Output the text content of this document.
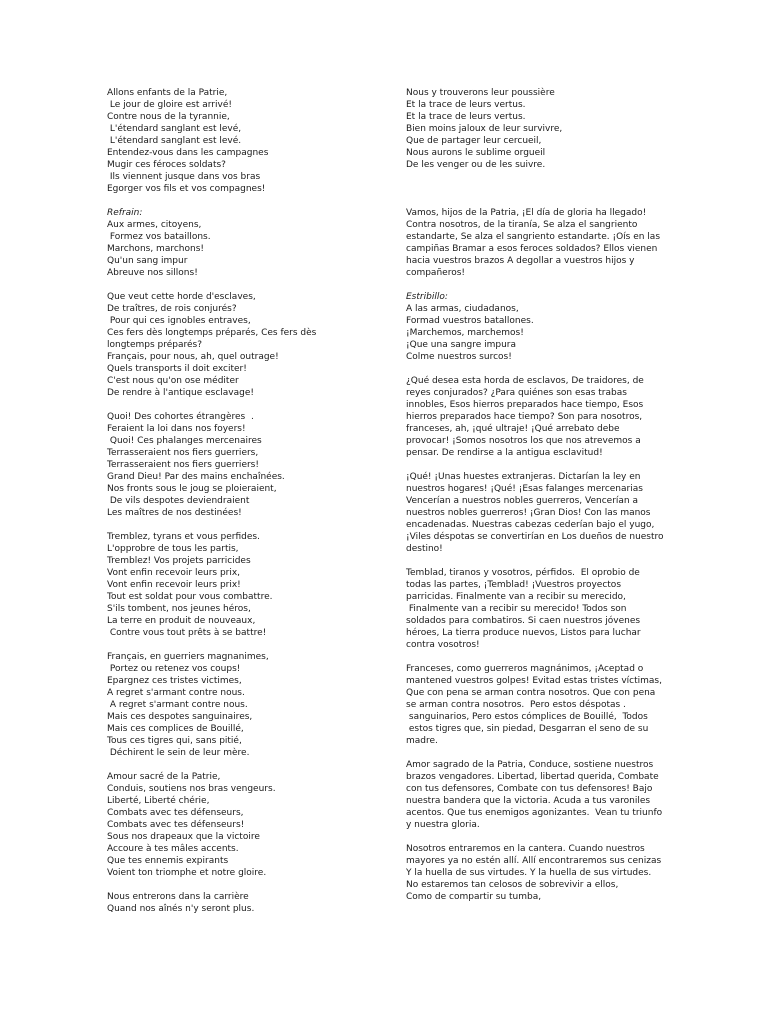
Allons enfants de la Patrie,
Le jour de gloire est arrivé!
Contre nous de la tyrannie,
L'étendard sanglant est levé,
L'étendard sanglant est levé.
Entendez-vous dans les campagnes
Mugir ces féroces soldats?
Ils viennent jusque dans vos bras
Egorger vos fils et vos compagnes!
Refrain:
Aux armes, citoyens,
Formez vos bataillons.
Marchons, marchons!
Qu'un sang impur
Abreuve nos sillons!
Que veut cette horde d'esclaves,
De traîtres, de rois conjurés?
Pour qui ces ignobles entraves,
Ces fers dès longtemps préparés, Ces fers dès
longtemps préparés?
Français, pour nous, ah, quel outrage!
Quels transports il doit exciter!
C'est nous qu'on ose méditer
De rendre à l'antique esclavage!
Quoi! Des cohortes étrangères  .
Feraient la loi dans nos foyers!
Quoi! Ces phalanges mercenaires
Terrasseraient nos fiers guerriers,
Terrasseraient nos fiers guerriers!
Grand Dieu! Par des mains enchaînées.
Nos fronts sous le joug se ploieraient,
De vils despotes deviendraient
Les maîtres de nos destinées!
Tremblez, tyrans et vous perfides.
L'opprobre de tous les partis,
Tremblez! Vos projets parricides
Vont enfin recevoir leurs prix,
Vont enfin recevoir leurs prix!
Tout est soldat pour vous combattre.
S'ils tombent, nos jeunes héros,
La terre en produit de nouveaux,
Contre vous tout prêts à se battre!
Français, en guerriers magnanimes,
Portez ou retenez vos coups!
Epargnez ces tristes victimes,
A regret s'armant contre nous.
A regret s'armant contre nous.
Mais ces despotes sanguinaires,
Mais ces complices de Bouillé,
Tous ces tigres qui, sans pitié,
Déchirent le sein de leur mère.
Amour sacré de la Patrie,
Conduis, soutiens nos bras vengeurs.
Liberté, Liberté chérie,
Combats avec tes défenseurs,
Combats avec tes défenseurs!
Sous nos drapeaux que la victoire
Accoure à tes mâles accents.
Que tes ennemis expirants
Voient ton triomphe et notre gloire.
Nous entrerons dans la carrière
Quand nos aînés n'y seront plus.
Nous y trouverons leur poussière
Et la trace de leurs vertus.
Et la trace de leurs vertus.
Bien moins jaloux de leur survivre,
Que de partager leur cercueil,
Nous aurons le sublime orgueil
De les venger ou de les suivre.
Vamos, hijos de la Patria, ¡El día de gloria ha llegado!
Contra nosotros, de la tiranía, Se alza el sangriento
estandarte, Se alza el sangriento estandarte. ¡Oís en las
campiñas Bramar a esos feroces soldados? Ellos vienen
hacia vuestros brazos A degollar a vuestros hijos y
compañeros!
Estribillo:
A las armas, ciudadanos,
Formad vuestros batallones.
¡Marchemos, marchemos!
¡Que una sangre impura
Colme nuestros surcos!
¿Qué desea esta horda de esclavos, De traidores, de
reyes conjurados? ¿Para quiénes son esas trabas
innobles, Esos hierros preparados hace tiempo, Esos
hierros preparados hace tiempo? Son para nosotros,
franceses, ah, ¡qué ultraje! ¡Qué arrebato debe
provocar! ¡Somos nosotros los que nos atrevemos a
pensar. De rendirse a la antigua esclavitud!
¡Qué! ¡Unas huestes extranjeras. Dictarían la ley en
nuestros hogares! ¡Qué! ¡Esas falanges mercenarias
Vencerían a nuestros nobles guerreros, Vencerían a
nuestros nobles guerreros! ¡Gran Dios! Con las manos
encadenadas. Nuestras cabezas cederían bajo el yugo,
¡Viles déspotas se convertirían en Los dueños de nuestro
destino!
Temblad, tiranos y vosotros, pérfidos.  El oprobio de
todas las partes, ¡Temblad! ¡Vuestros proyectos
parricidas. Finalmente van a recibir su merecido,
Finalmente van a recibir su merecido! Todos son
soldados para combatiros. Si caen nuestros jóvenes
héroes, La tierra produce nuevos, Listos para luchar
contra vosotros!
Franceses, como guerreros magnánimos, ¡Aceptad o
mantened vuestros golpes! Evitad estas tristes víctimas,
Que con pena se arman contra nosotros. Que con pena
se arman contra nosotros.  Pero estos déspotas .
sanguinarios, Pero estos cómplices de Bouillé,  Todos
estos tigres que, sin piedad, Desgarran el seno de su
madre.
Amor sagrado de la Patria, Conduce, sostiene nuestros
brazos vengadores. Libertad, libertad querida, Combate
con tus defensores, Combate con tus defensores! Bajo
nuestra bandera que la victoria. Acuda a tus varoniles
acentos. Que tus enemigos agonizantes.  Vean tu triunfo
y nuestra gloria.
Nosotros entraremos en la cantera. Cuando nuestros
mayores ya no estén allí. Allí encontraremos sus cenizas
Y la huella de sus virtudes. Y la huella de sus virtudes.
No estaremos tan celosos de sobrevivir a ellos,
Como de compartir su tumba,
